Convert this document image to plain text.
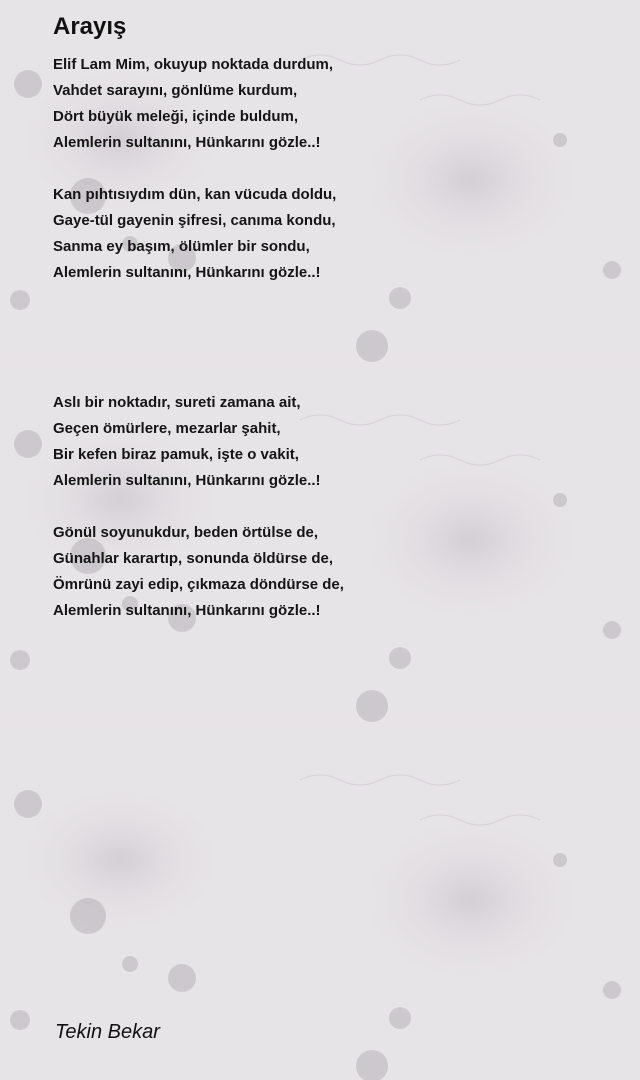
Arayış
Elif Lam Mim, okuyup noktada durdum,
Vahdet sarayını, gönlüme kurdum,
Dört büyük meleği, içinde buldum,
Alemlerin sultanını, Hünkarını gözle..!
Kan pıhtısıydım dün, kan vücuda doldu,
Gaye-tül gayenin şifresi, canıma kondu,
Sanma ey başım, ölümler bir sondu,
Alemlerin sultanını, Hünkarını gözle..!
Aslı bir noktadır, sureti zamana ait,
Geçen ömürlere, mezarlar şahit,
Bir kefen biraz pamuk, işte o vakit,
Alemlerin sultanını, Hünkarını gözle..!
Gönül soyunukdur, beden örtülse de,
Günahlar karartıp, sonunda öldürse de,
Ömrünü zayi edip, çıkmaza döndürse de,
Alemlerin sultanını, Hünkarını gözle..!
Tekin Bekar
